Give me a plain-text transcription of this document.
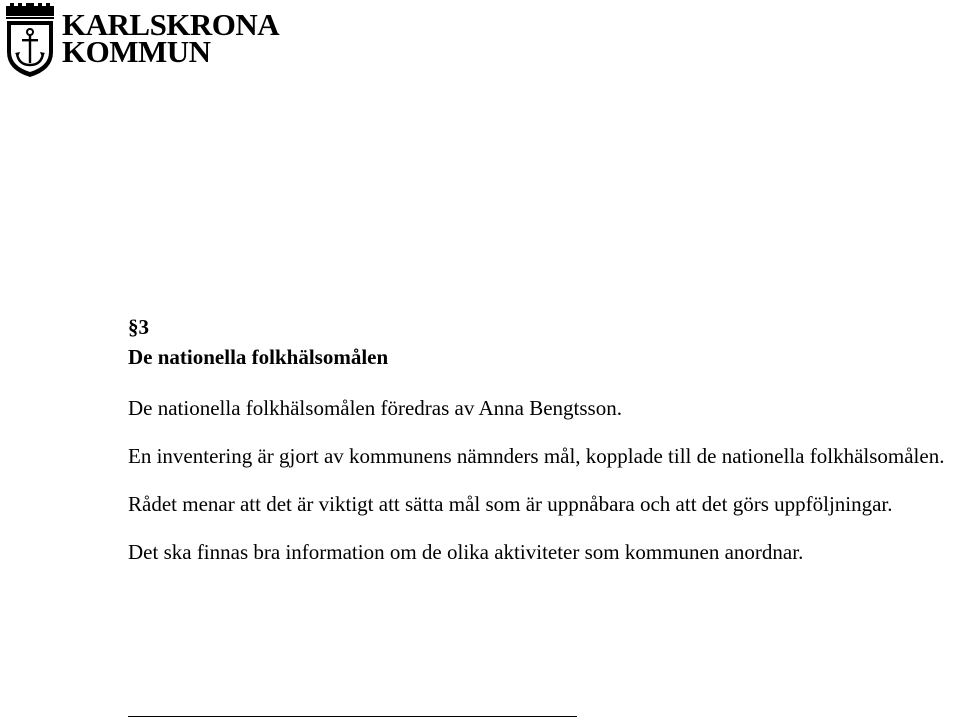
KARLSKRONA
KOMMUN

§3

De nationella folkhälsomålen

De nationella folkhälsomålen föredras av Anna Bengtsson.

En inventering är gjort av kommunens nämnders mål, kopplade till de nationella folkhälsomålen.

Rådet menar att det är viktigt att sätta mål som är uppnåbara och att det görs uppföljningar.

Det ska finnas bra information om de olika aktiviteter som kommunen anordnar.
